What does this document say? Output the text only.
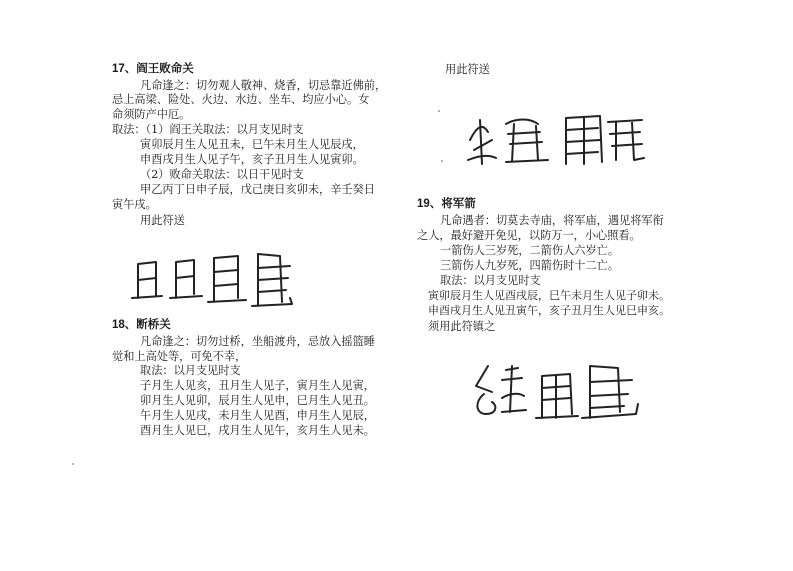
17、阎王败命关
凡命逢之：切勿观人敬神、烧香，切忌靠近佛前，
忌上高梁、险处、火边、水边、坐车、均应小心。女
命须防产中厄。
取法：（1）阎王关取法：以月支见时支
寅卯辰月生人见丑未，巳午未月生人见辰戌，
申酉戌月生人见子午，亥子丑月生人见寅卯。
（2）败命关取法：以日干见时支
甲乙丙丁日申子辰，戊己庚日亥卯未，辛壬癸日
寅午戌。
用此符送
18、断桥关
凡命逢之：切勿过桥，坐船渡舟，忌放入摇篮睡
觉和上高处等，可免不幸，
取法：以月支见时支
子月生人见亥，丑月生人见子，寅月生人见寅，
卯月生人见卯，辰月生人见申，巳月生人见丑。
午月生人见戌，未月生人见酉，申月生人见辰，
酉月生人见巳，戌月生人见午，亥月生人见未。
用此符送
19、将军箭
凡命遇者：切莫去寺庙，将军庙，遇见将军衔
之人，最好避开免见，以防万一，小心照看。
一箭伤人三岁死，二箭伤人六岁亡。
三箭伤人九岁死，四箭伤时十二亡。
取法：以月支见时支
寅卯辰月生人见酉戌辰，巳午未月生人见子卯未。
申酉戌月生人见丑寅午，亥子丑月生人见巳申亥。
须用此符镇之
